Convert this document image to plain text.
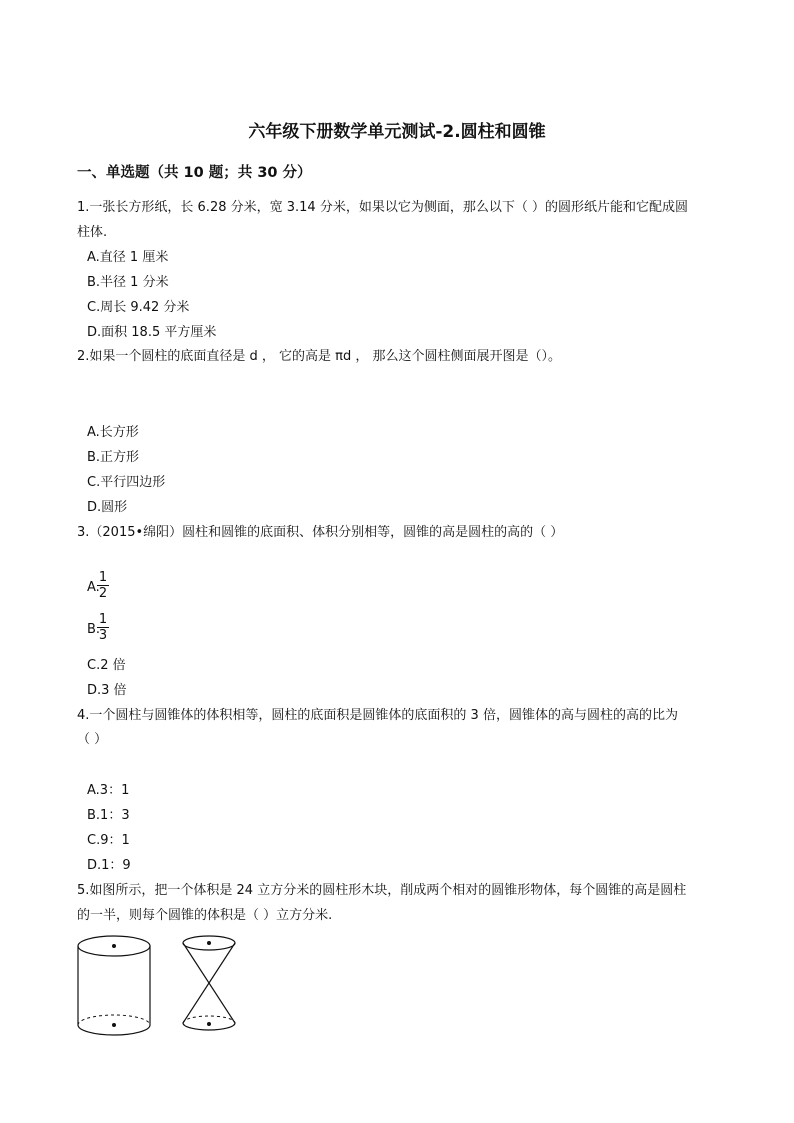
六年级下册数学单元测试-2.圆柱和圆锥
一、单选题（共 10 题；共 30 分）
1.一张长方形纸，长 6.28 分米，宽 3.14 分米，如果以它为侧面，那么以下（ ）的圆形纸片能和它配成圆
柱体.
A.直径 1 厘米
B.半径 1 分米
C.周长 9.42 分米
D.面积 18.5 平方厘米
2.如果一个圆柱的底面直径是 d ， 它的高是 πd ， 那么这个圆柱侧面展开图是（）。
A.长方形
B.正方形
C.平行四边形
D.圆形
3.（2015•绵阳）圆柱和圆锥的底面积、体积分别相等，圆锥的高是圆柱的高的（ ）
A.
1
2
B.
1
3
C.2 倍
D.3 倍
4.一个圆柱与圆锥体的体积相等，圆柱的底面积是圆锥体的底面积的 3 倍，圆锥体的高与圆柱的高的比为
（ ）
A.3：1
B.1：3
C.9：1
D.1：9
5.如图所示，把一个体积是 24 立方分米的圆柱形木块，削成两个相对的圆锥形物体，每个圆锥的高是圆柱
的一半，则每个圆锥的体积是（ ）立方分米.
